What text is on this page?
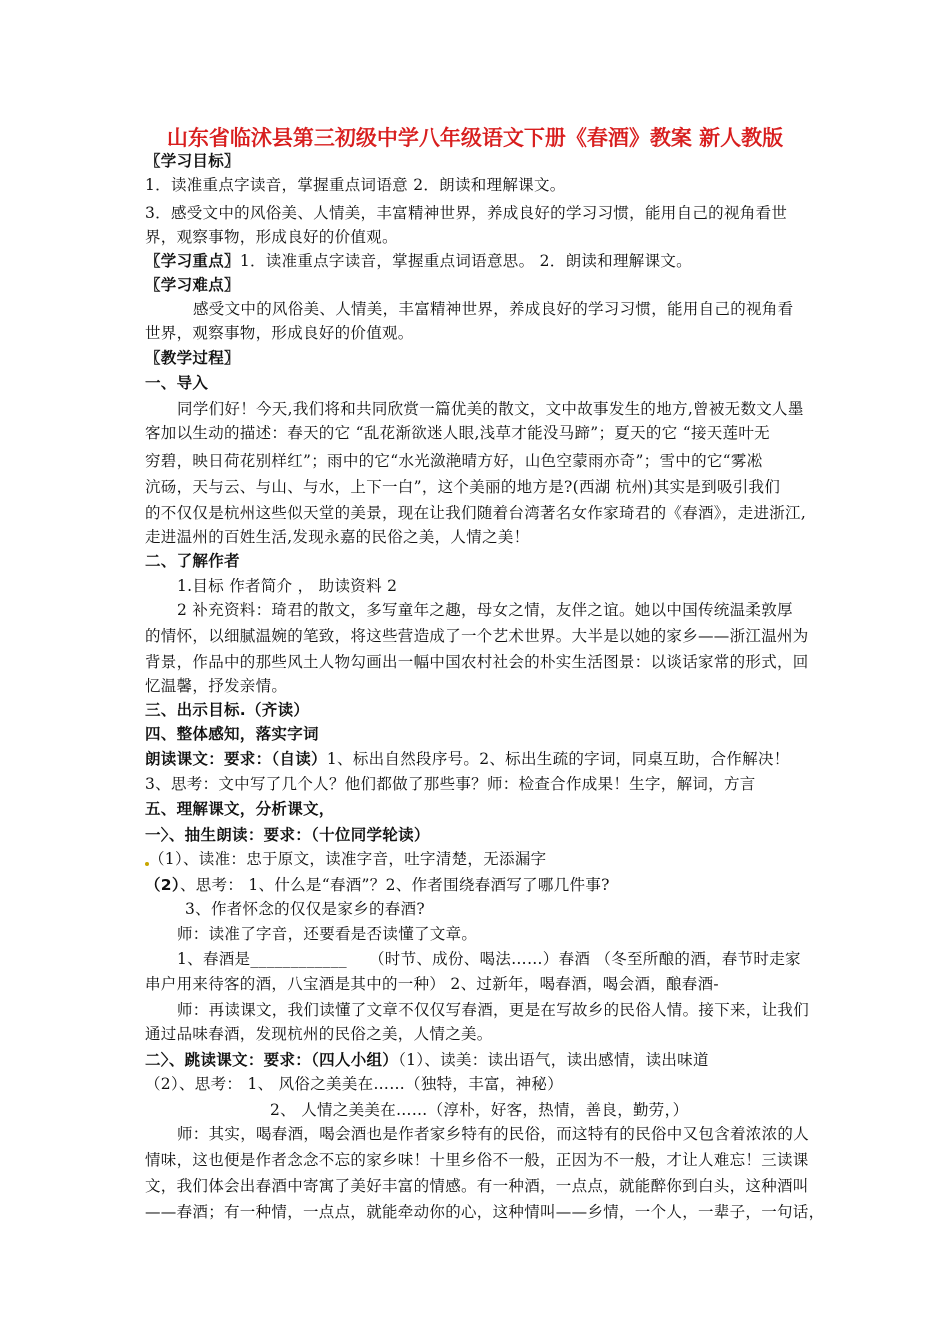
山东省临沭县第三初级中学八年级语文下册《春酒》教案 新人教版
〖学习目标〗
1．读准重点字读音，掌握重点词语意 2．朗读和理解课文。
3．感受文中的风俗美、人情美，丰富精神世界，养成良好的学习习惯，能用自己的视角看世
界，观察事物，形成良好的价值观。
〖学习重点〗1．读准重点字读音，掌握重点词语意思。 2．朗读和理解课文。
〖学习难点〗
感受文中的风俗美、人情美，丰富精神世界，养成良好的学习习惯，能用自己的视角看
世界，观察事物，形成良好的价值观。
〖教学过程〗
一、导入
同学们好！今天,我们将和共同欣赏一篇优美的散文，文中故事发生的地方,曾被无数文人墨
客加以生动的描述：春天的它 “乱花渐欲迷人眼,浅草才能没马蹄”；夏天的它 “接天莲叶无
穷碧，映日荷花别样红”；雨中的它“水光潋滟晴方好，山色空蒙雨亦奇”；雪中的它“雾凇
沆砀，天与云、与山、与水，上下一白”，这个美丽的地方是?(西湖 杭州)其实是到吸引我们
的不仅仅是杭州这些似天堂的美景，现在让我们随着台湾著名女作家琦君的《春酒》，走进浙江,
走进温州的百姓生活,发现永嘉的民俗之美，人情之美！
二、了解作者
1.目标 作者简介 ， 助读资料 2
2 补充资料：琦君的散文，多写童年之趣，母女之情，友伴之谊。她以中国传统温柔敦厚
的情怀，以细腻温婉的笔致，将这些营造成了一个艺术世界。大半是以她的家乡——浙江温州为
背景，作品中的那些风土人物勾画出一幅中国农村社会的朴实生活图景：以谈话家常的形式，回
忆温馨，抒发亲情。
三、出示目标.（齐读）
四、整体感知，落实字词
朗读课文：要求：（自读）1、标出自然段序号。2、标出生疏的字词，同桌互助，合作解决！
3、思考：文中写了几个人？他们都做了那些事？师：检查合作成果！生字，解词，方言
五、理解课文，分析课文，
一〉、抽生朗读：要求：（十位同学轮读）
（1）、读准：忠于原文，读准字音，吐字清楚，无添漏字
（2）、思考： 1、什么是“春酒”？2、作者围绕春酒写了哪几件事?
3、作者怀念的仅仅是家乡的春酒?
师：读准了字音，还要看是否读懂了文章。
1、春酒是____________ （时节、成份、喝法……）春酒 （冬至所酿的酒，春节时走家
串户用来待客的酒，八宝酒是其中的一种） 2、过新年，喝春酒，喝会酒，酿春酒-
师：再读课文，我们读懂了文章不仅仅写春酒，更是在写故乡的民俗人情。接下来，让我们
通过品味春酒，发现杭州的民俗之美，人情之美。
二〉、跳读课文：要求：（四人小组）（1）、读美：读出语气，读出感情，读出味道
（2）、思考： 1、 风俗之美美在……（独特，丰富，神秘）
2、 人情之美美在……（淳朴，好客，热情，善良，勤劳，）
师：其实，喝春酒，喝会酒也是作者家乡特有的民俗，而这特有的民俗中又包含着浓浓的人
情味，这也便是作者念念不忘的家乡味！十里乡俗不一般，正因为不一般，才让人难忘！三读课
文，我们体会出春酒中寄寓了美好丰富的情感。有一种酒，一点点，就能醉你到白头，这种酒叫
——春酒；有一种情，一点点，就能牵动你的心，这种情叫——乡情，一个人，一辈子，一句话，
